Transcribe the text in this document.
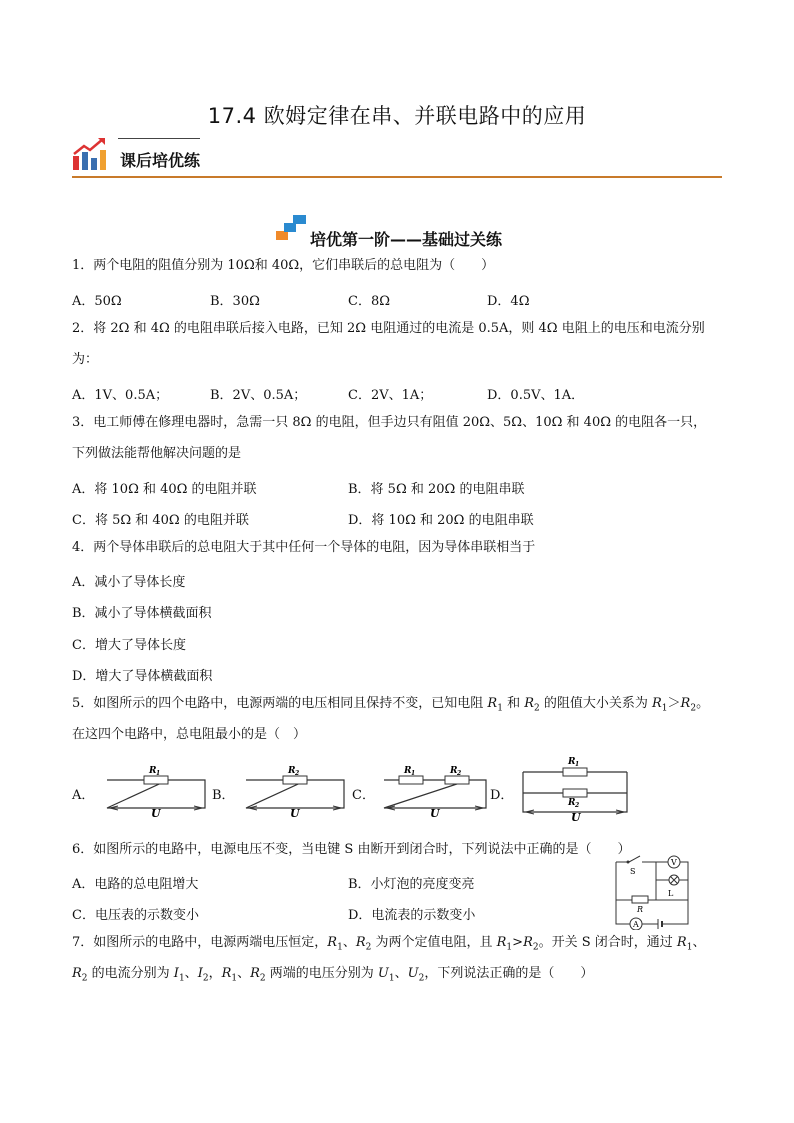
17.4 欧姆定律在串、并联电路中的应用
课后培优练
培优第一阶——基础过关练
1．两个电阻的阻值分别为 10Ω和 40Ω，它们串联后的总电阻为（　　）
A．50Ω	B．30Ω	C．8Ω	D．4Ω
2．将 2Ω 和 4Ω 的电阻串联后接入电路，已知 2Ω 电阻通过的电流是 0.5A，则 4Ω 电阻上的电压和电流分别
为：
A．1V、0.5A；	B．2V、0.5A；	C．2V、1A；	D．0.5V、1A．
3．电工师傅在修理电器时，急需一只 8Ω 的电阻，但手边只有阻值 20Ω、5Ω、10Ω 和 40Ω 的电阻各一只，
下列做法能帮他解决问题的是
A．将 10Ω 和 40Ω 的电阻并联	B．将 5Ω 和 20Ω 的电阻串联
C．将 5Ω 和 40Ω 的电阻并联	D．将 10Ω 和 20Ω 的电阻串联
4．两个导体串联后的总电阻大于其中任何一个导体的电阻，因为导体串联相当于
A．减小了导体长度
B．减小了导体横截面积
C．增大了导体长度
D．增大了导体横截面积
5．如图所示的四个电路中，电源两端的电压相同且保持不变，已知电阻 $R_1$ 和 $R_2$ 的阻值大小关系为 $R_1>R_2$。
在这四个电路中，总电阻最小的是（　）
A．	B．	C．	D．
R 1
U
R 2
U
R 1	R 2
U
R 1
R 2
U
6．如图所示的电路中，电源电压不变，当电键 S 由断开到闭合时，下列说法中正确的是（　　）
A．电路的总电阻增大	B．小灯泡的亮度变亮
C．电压表的示数变小	D．电流表的示数变小
S
V
L
R
A
7．如图所示的电路中，电源两端电压恒定，$R_1$、$R_2$ 为两个定值电阻，且 $R_1>R_2$。开关 S 闭合时，通过 $R_1$、
$R_2$ 的电流分别为 $I_1$、$I_2$，$R_1$、$R_2$ 两端的电压分别为 $U_1$、$U_2$，下列说法正确的是（　　）
